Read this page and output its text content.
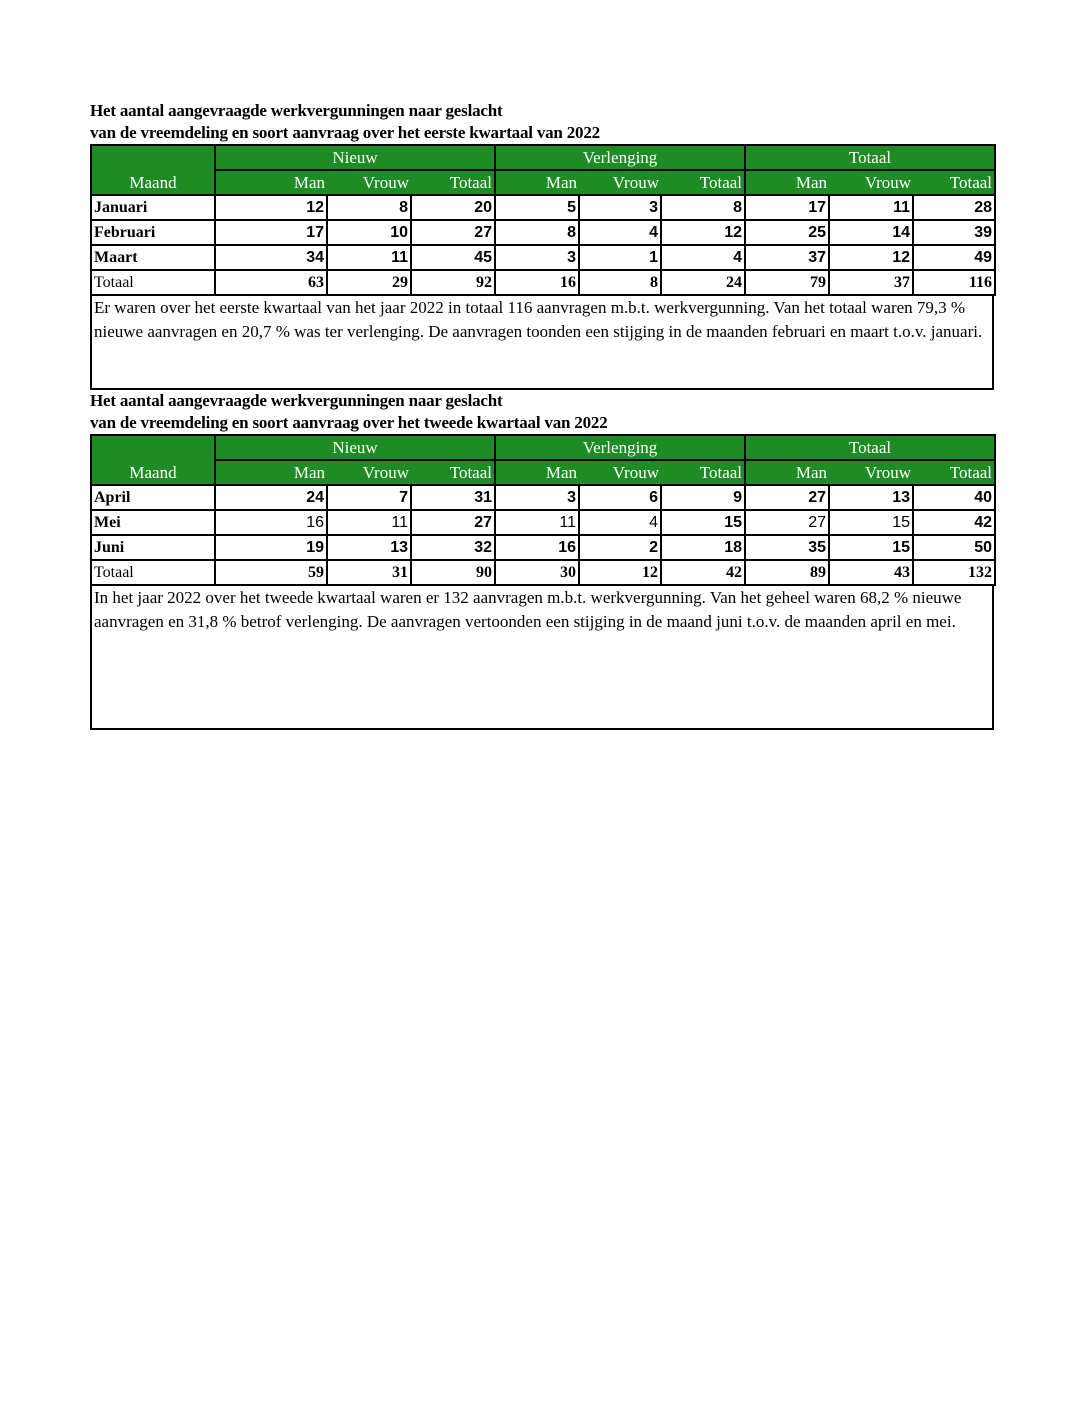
Het aantal aangevraagde werkvergunningen naar geslacht
van de vreemdeling en soort aanvraag over het eerste kwartaal van 2022
Maand	Nieuw			Verlenging			Totaal		
	Man	Vrouw	Totaal	Man	Vrouw	Totaal	Man	Vrouw	Totaal
Januari	12	8	20	5	3	8	17	11	28
Februari	17	10	27	8	4	12	25	14	39
Maart	34	11	45	3	1	4	37	12	49
Totaal	63	29	92	16	8	24	79	37	116
Er waren over het eerste kwartaal van het jaar 2022 in totaal 116 aanvragen m.b.t. werkvergunning. Van het totaal waren 79,3 % nieuwe aanvragen en 20,7 % was ter verlenging. De aanvragen toonden een stijging in de maanden februari en maart t.o.v. januari.
Het aantal aangevraagde werkvergunningen naar geslacht
van de vreemdeling en soort aanvraag over het tweede kwartaal van 2022
Maand	Nieuw			Verlenging			Totaal		
	Man	Vrouw	Totaal	Man	Vrouw	Totaal	Man	Vrouw	Totaal
April	24	7	31	3	6	9	27	13	40
Mei	16	11	27	11	4	15	27	15	42
Juni	19	13	32	16	2	18	35	15	50
Totaal	59	31	90	30	12	42	89	43	132
In het jaar 2022 over het tweede kwartaal waren er 132 aanvragen m.b.t. werkvergunning. Van het geheel waren 68,2 % nieuwe aanvragen en 31,8 % betrof verlenging. De aanvragen vertoonden een stijging in de maand juni t.o.v. de maanden april en mei.
